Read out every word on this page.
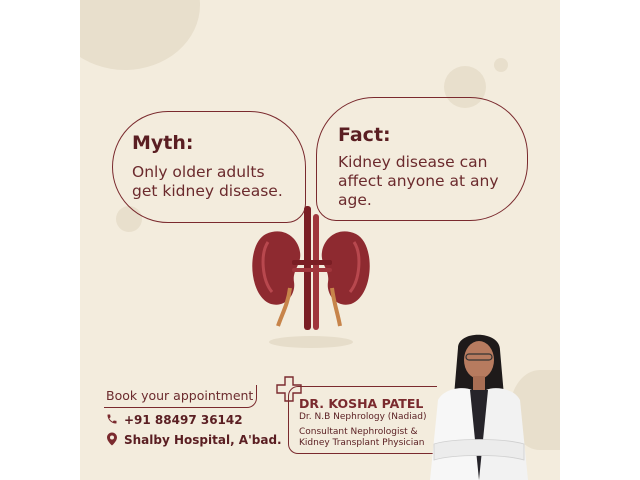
Myth:
Only older adults
get kidney disease.
Fact:
Kidney disease can
affect anyone at any
age.
Book your appointment
+91 88497 36142
Shalby Hospital, A'bad.
DR. KOSHA PATEL
Dr. N.B Nephrology (Nadiad)
Consultant Nephrologist &
Kidney Transplant Physician
